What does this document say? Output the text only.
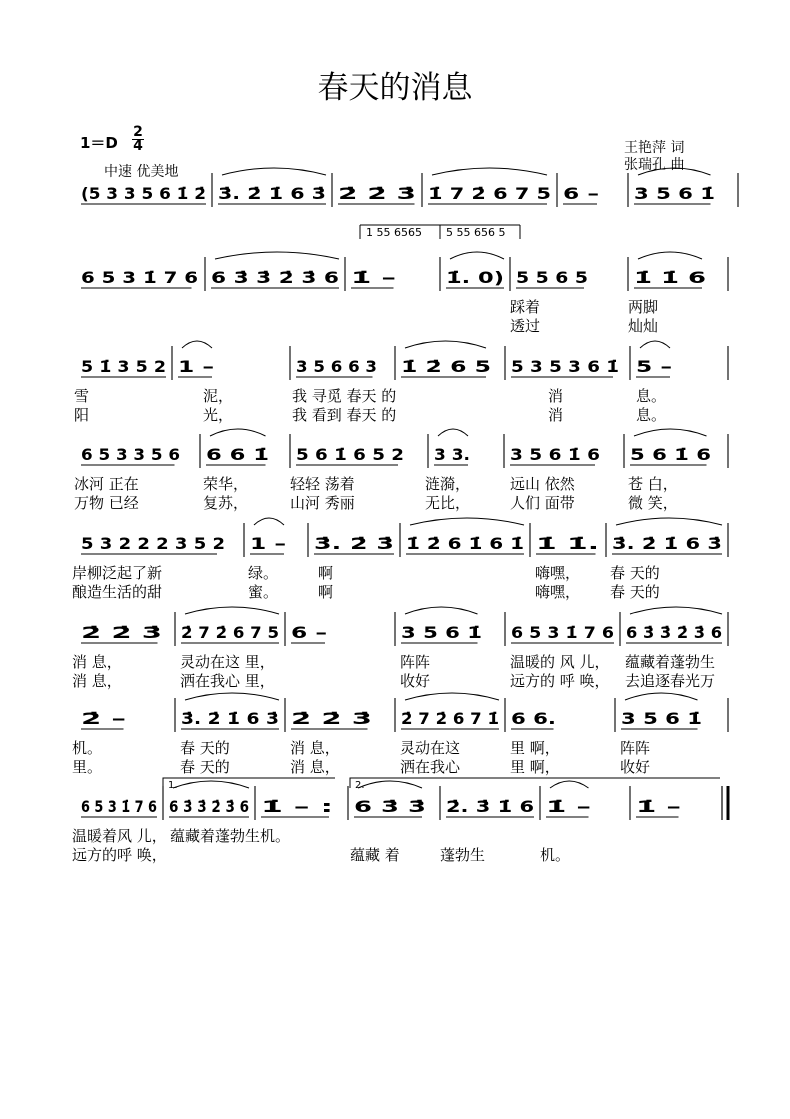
春天的消息
1＝D
2
4
中速 优美地
王艳萍 词
张瑞孔 曲
(5 3 3 5 6 1̇ 2̇ 3̇. 2̇ 1̇ 6 3̇ 2̇ 2̇ 3̇ 1̇ 7 2̇ 6 7 5 6 – 3 5 6 1̇
6 5 3 1̇ 7 6 6 3̇ 3̇ 2̇ 3̇ 6 1̇ –	1̇. 0) 5 5 6 5	1̇ 1̇ 6
踩着	两脚
透过	灿灿
1 55 6565 5 55 656 5
5 1̇ 3 5 2 1 –	3 5 6 6 3 1̇ 2̇ 6 5 5 3 5 3 6 1̇ 5 –
雪	泥，	我 寻觅 春天 的	消	息。
阳	光，	我 看到 春天 的	消	息。
6 5 3 3 5 6 6 6 1̇ 5 6 1̇ 6 5 2 3 3.	3 5 6 1̇ 6 5 6 1̇ 6
冰河 正在	荣华，	轻轻 荡着	涟漪，	远山 依然	苍 白，
万物 已经	复苏，	山河 秀丽	无比，	人们 面带	微 笑，
5 3 2 2 2 3 5 2 1 – 3̇. 2̇ 3̇ 1̇ 2̇ 6 1̇ 6 1̇ 1̇ 1̇. 3̇. 2̇ 1̇ 6 3̇
岸柳泛起了新	绿。	啊	嗨嘿， 春 天的
酿造生活的甜	蜜。	啊	嗨嘿， 春 天的
2̇ 2̇ 3̇ 2̇ 7 2̇ 6 7 5 6 –	3 5 6 1̇ 6 5 3 1̇ 7 6 6 3̇ 3̇ 2̇ 3̇ 6
消 息，	灵动在这 里，	阵阵	温暖的 风 儿， 蕴藏着蓬勃生
消 息，	洒在我心 里，	收好	远方的 呼 唤， 去追逐春光万
2̇ –	3̇. 2̇ 1̇ 6 3̇ 2̇ 2̇ 3̇ 2̇ 7 2̇ 6 7 1̇ 6 6.	3 5 6 1̇
机。	春 天的	消 息，	灵动在这	里 啊，	阵阵
里。	春 天的	消 息，	洒在我心	里 啊，	收好
6 5 3 1̇ 7 6 6 3̇ 3̇ 2̇ 3̇ 6 1̇ – : 6 3̇ 3̇ 2̇. 3̇ 1̇ 6 1̇ –	1̇ –
温暖着风 儿， 蕴藏着蓬勃生 机。
远方的呼 唤，	蕴藏 着	蓬勃生	机。
1.	2.
